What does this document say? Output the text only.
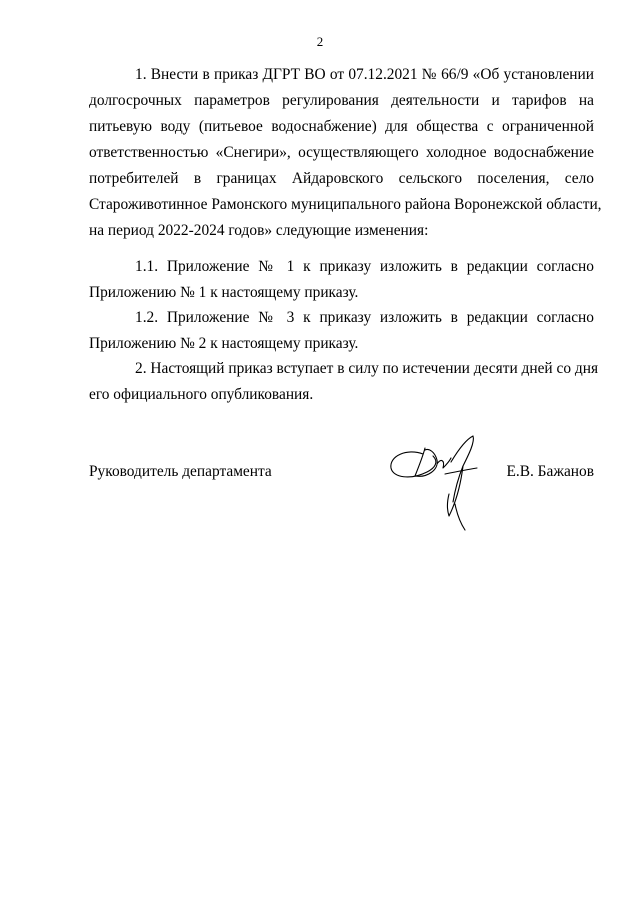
2
1. Внести в приказ ДГРТ ВО от 07.12.2021 № 66/9 «Об установлении
долгосрочных параметров регулирования деятельности и тарифов на
питьевую воду (питьевое водоснабжение) для общества с ограниченной
ответственностью «Снегири», осуществляющего холодное водоснабжение
потребителей в границах Айдаровского сельского поселения, село
Староживотинное Рамонского муниципального района Воронежской области,
на период 2022-2024 годов» следующие изменения:
1.1. Приложение № 1 к приказу изложить в редакции согласно
Приложению № 1 к настоящему приказу.
1.2. Приложение № 3 к приказу изложить в редакции согласно
Приложению № 2 к настоящему приказу.
2. Настоящий приказ вступает в силу по истечении десяти дней со дня
его официального опубликования.
Руководитель департамента	Е.В. Бажанов
